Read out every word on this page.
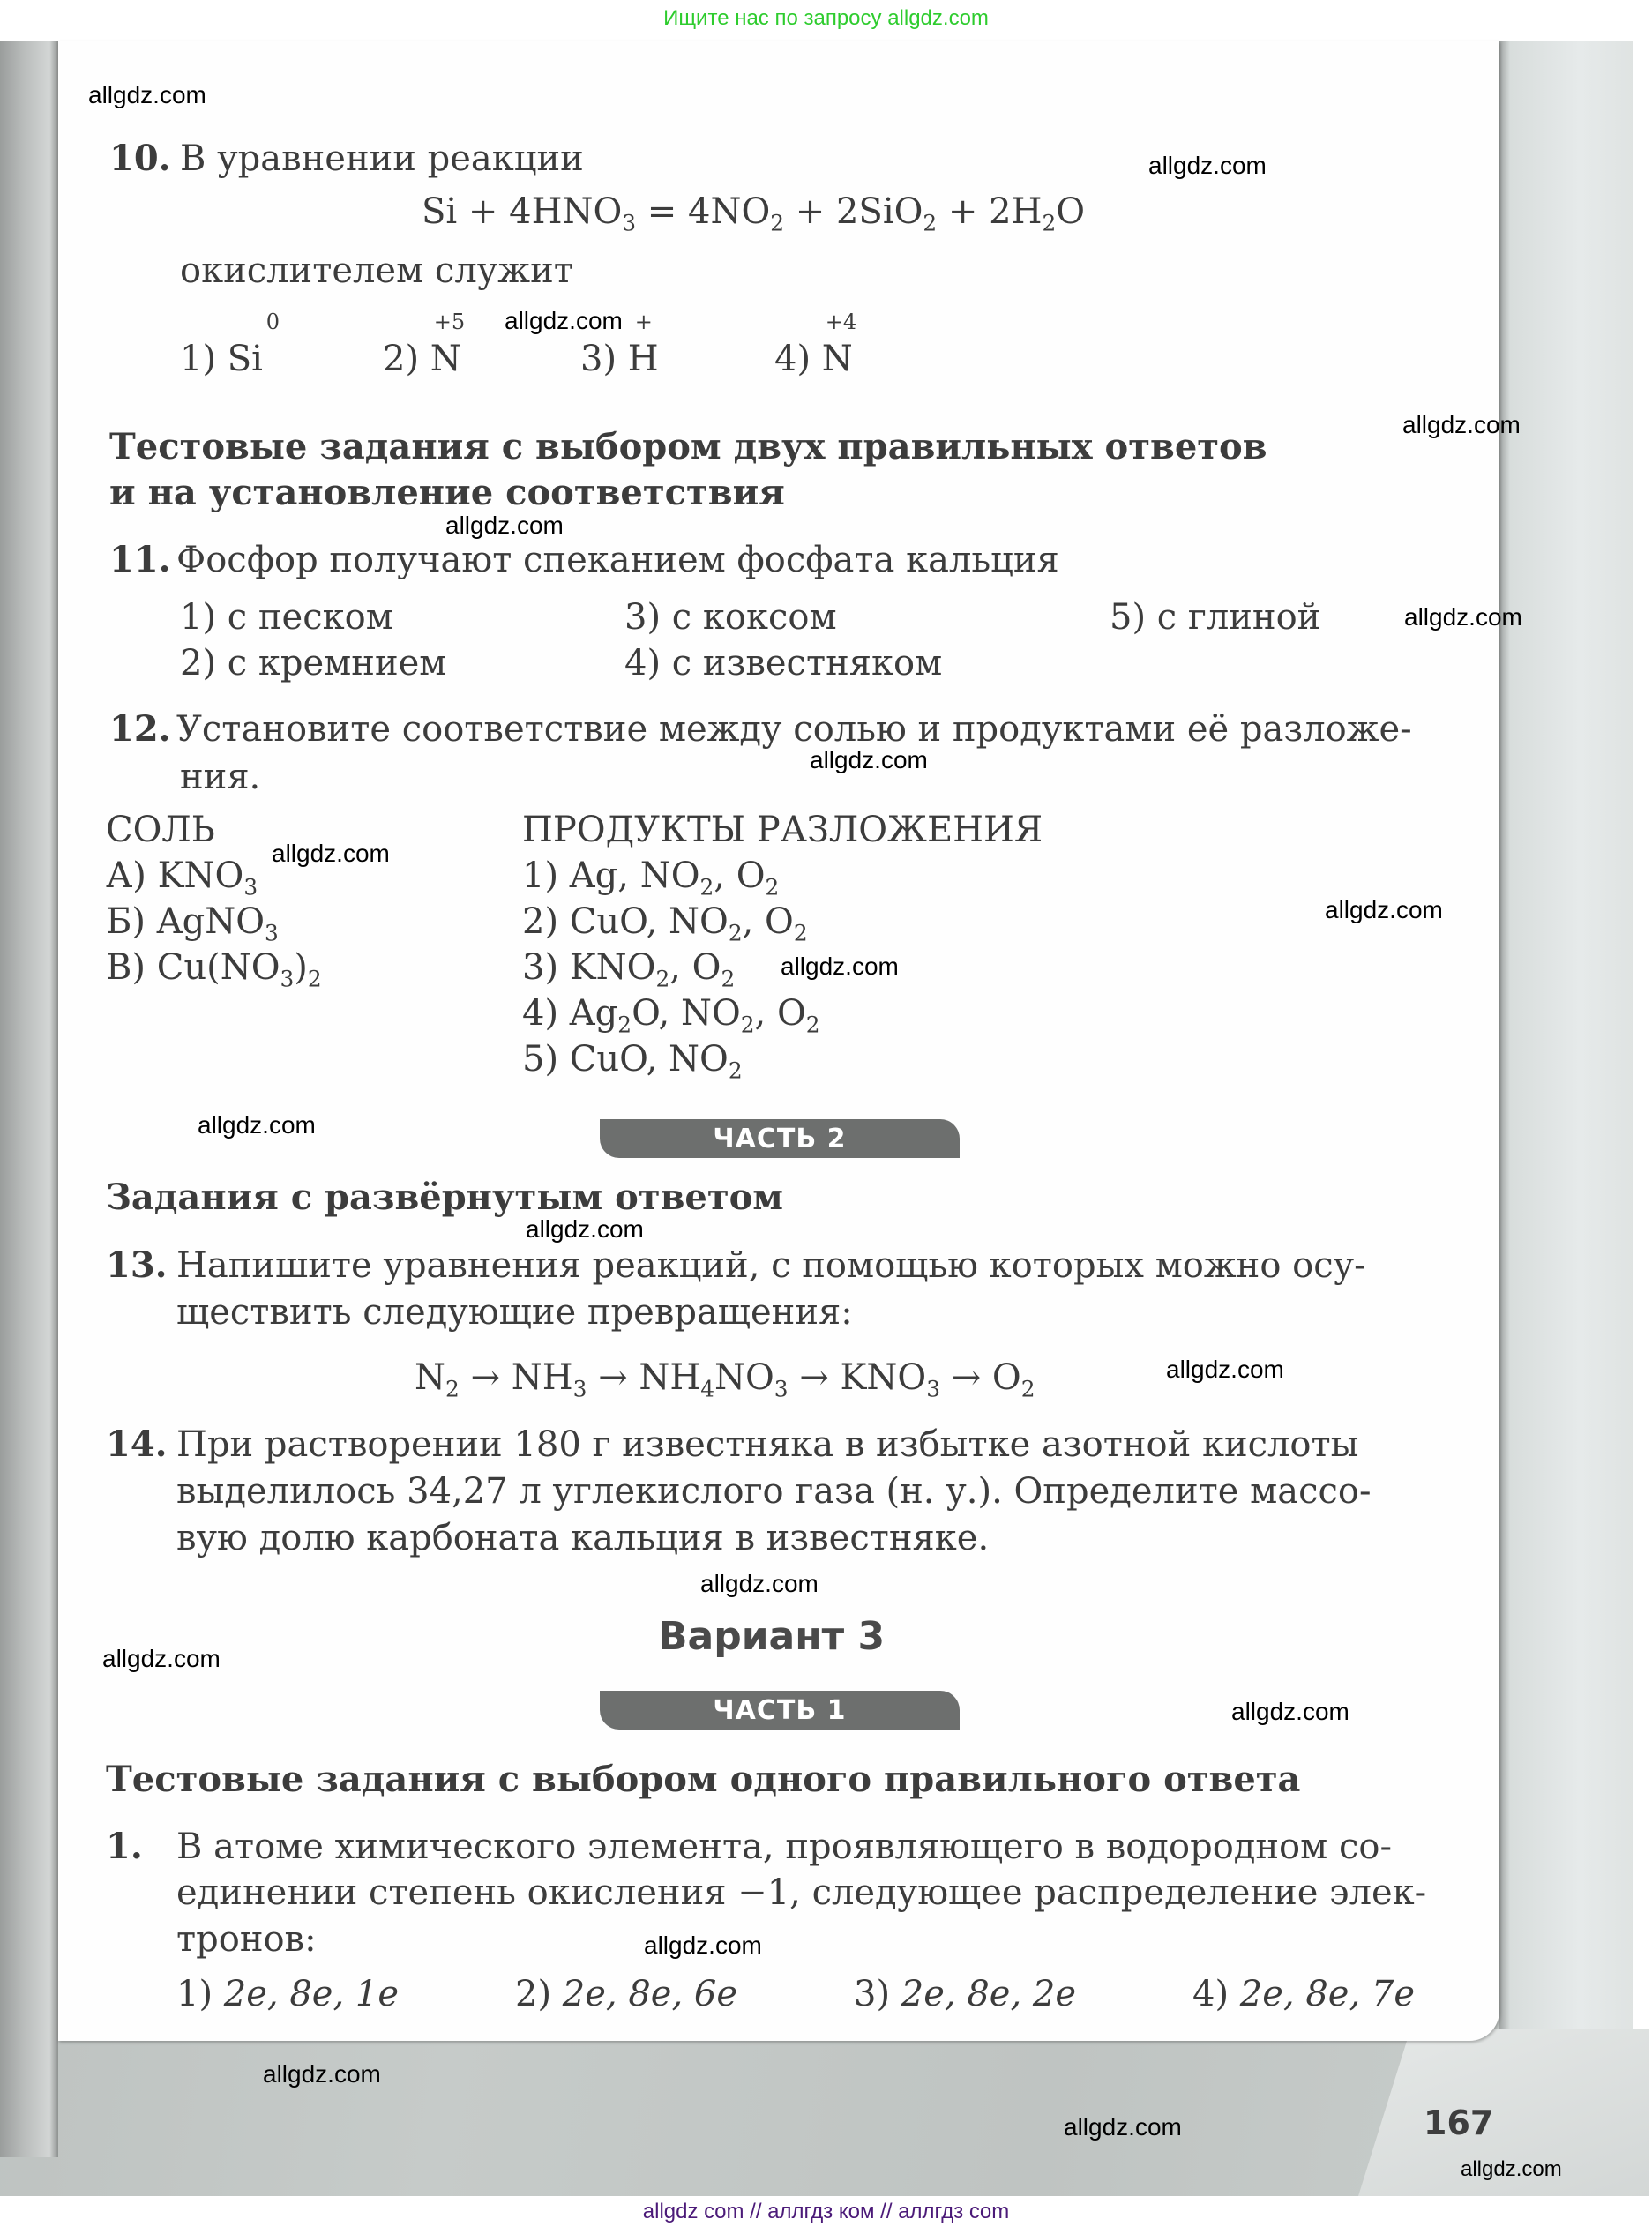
Ищите нас по запросу allgdz.com
10. В уравнении реакции
$Si + 4HNO_3 = 4NO_2 + 2SiO_2 + 2H_2O$
окислителем служит
1)
0
Si	2)
+5
N	3)
+
H	4)
+4
N
Тестовые задания с выбором двух правильных ответов
и на установление соответствия
11. Фосфор получают спеканием фосфата кальция
1) с песком
2) с кремнием
3) с коксом
4) с известняком
5) с глиной
12. Установите соответствие между солью и продуктами её разложе-
ния.
СОЛЬ	ПРОДУКТЫ РАЗЛОЖЕНИЯ
А) $KNO_3$
Б) AgNO$_3$
В) $Cu(NO_3)_2$
1) Ag, $NO_2$, $O_2$
2) CuO, $NO_2$, $O_2$
3) $KNO_2$, $O_2$
4) $Ag_2O$, $NO_2$, $O_2$
5) CuO, $NO_2$
ЧАСТЬ 2
Задания с развёрнутым ответом
13. Напишите уравнения реакций, с помощью которых можно осу-
ществить следующие превращения:
$N_2 \to NH_3 \to NH_4NO_3 \to KNO_3 \to O_2$
14. При растворении 180 г известняка в избытке азотной кислоты
выделилось 34,27 л углекислого газа (н. у.). Определите массо-
вую долю карбоната кальция в известняке.
Вариант 3
ЧАСТЬ 1
Тестовые задания с выбором одного правильного ответа
1. В атоме химического элемента, проявляющего в водородном со-
единении степень окисления −1, следующее распределение элек-
тронов:
1) 2e, 8e, 1e	2) 2e, 8e, 6e	3) 2e, 8e, 2e	4) 2e, 8e, 7e
167
allgdz.com
allgdz.com
allgdz.com
allgdz.com
allgdz.com
allgdz.com
allgdz.com
allgdz.com
allgdz.com
allgdz.com
allgdz.com
allgdz.com
allgdz.com
allgdz.com
allgdz.com
allgdz.com
allgdz.com
allgdz.com
allgdz.com
allgdz.com
allgdz com // аллгдз ком // аллгдз com
